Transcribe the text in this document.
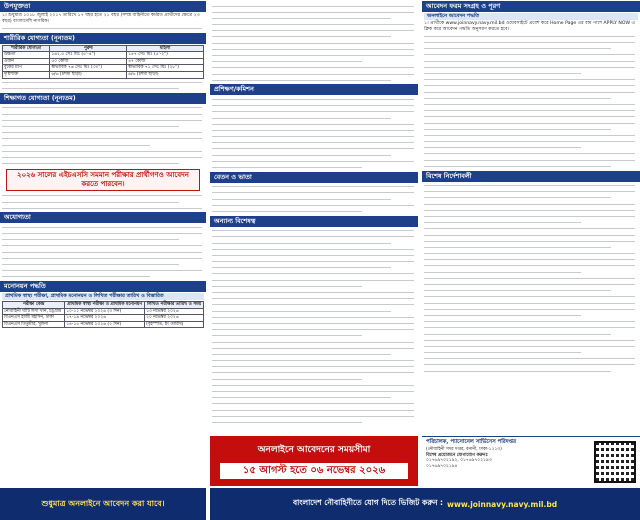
উপযুক্ততা
১। শুধুমাত্র ১০১৮ জুলাই ২০১৭ তারিখে ১৭ বছর হতে ২১ বছর (সশস্ত্র বাহিনীতে কর্মরত প্রার্থীদের ক্ষেত্রে ২৩ বছর) বাংলাদেশি নাগরিক।
শারীরিক যোগ্যতা (নূন্যতম)
শারীরিক যোগ্যতা	পুরুষ	মহিলা
উচ্চতা	১৬২.৫ সেঃ মিঃ (৫'-৪")	১৫৭ সেঃ মিঃ (৫'-২")
ওজন	৫০ কেজি	৪৭ কেজি
বুকের মাপ	স্বাভাবিক ৭৬ সেঃ মিঃ (৩০")	স্বাভাবিক ৭১ সেঃ মিঃ (২৮")
দৃষ্টিশক্তি	৬/৬ (চশমা ছাড়া)	৬/৬ (চশমা ছাড়া)
শিক্ষাগত যোগ্যতা (নূন্যতম)
২০২৬ সালের এইচএসসি সমমান পরীক্ষার প্রার্থীগণও আবেদন করতে পারবেন।
অযোগ্যতা
মনোনয়ন পদ্ধতি
প্রাথমিক স্বাস্থ্য পরীক্ষা, প্রাথমিক মনোনয়ন ও লিখিত পরীক্ষার তারিখ ও বিস্তারিত
পরীক্ষা কেন্দ্র	প্রাথমিক স্বাস্থ্য পরীক্ষা ও প্রাথমিক মনোনয়ন	লিখিত পরীক্ষার তারিখ ও সময়
নৌবাহিনী ঘাঁটি ঈসা খান, চট্টগ্রাম	১০-১২ নভেম্বর ২০২৬ (৩ দিন)	১৩ নভেম্বর ২০২৬
বিএনএস হাজী মহসিন, ঢাকা	১৭-১৯ নভেম্বর ২০২৬	২০ নভেম্বর ২০২৬
বিএনএস তিতুমীর, খুলনা	১৪-১৫ নভেম্বর ২০২৬ (২ দিন)	(বৃহস্পতি, ইং তারিখ)
প্রশিক্ষণ/কমিশন
বেতন ও ভাতা
অন্যান্য বিশেষত্ব
আবেদন ফরম সংগ্রহ ও পূরণ
অনলাইনে আবেদন পদ্ধতি
১। প্রার্থীকে www.joinnavy.navy.mil.bd ওয়েবসাইটে প্রবেশ করে Home Page এর বাম পাশে APPLY NOW এ ক্লিক করে আবেদন পদ্ধতি অনুসরণ করতে হবে।
বিশেষ নির্দেশাবলী
অনলাইনে আবেদনের সময়সীমা
১৫ আগস্ট হতে ০৬ নভেম্বর ২০২৬
পরিচালক, প্যাসোনেল সার্ভিসেস পরিদপ্তর
(নৌবাহিনী সদর দপ্তর, বনানী, ঢাকা-১২১৩)
বিশেষ প্রয়োজনে যোগাযোগ করুনঃ
০১৭৬৯৭০২১৯২, ০১৭৬৯৭০২১৯৩
০১৭৬৯৭০২১৯৪
শুধুমাত্র অনলাইনে আবেদন করা যাবে।	বাংলাদেশ নৌবাহিনীতে যোগ দিতে ভিজিট করুন : www.joinnavy.navy.mil.bd
